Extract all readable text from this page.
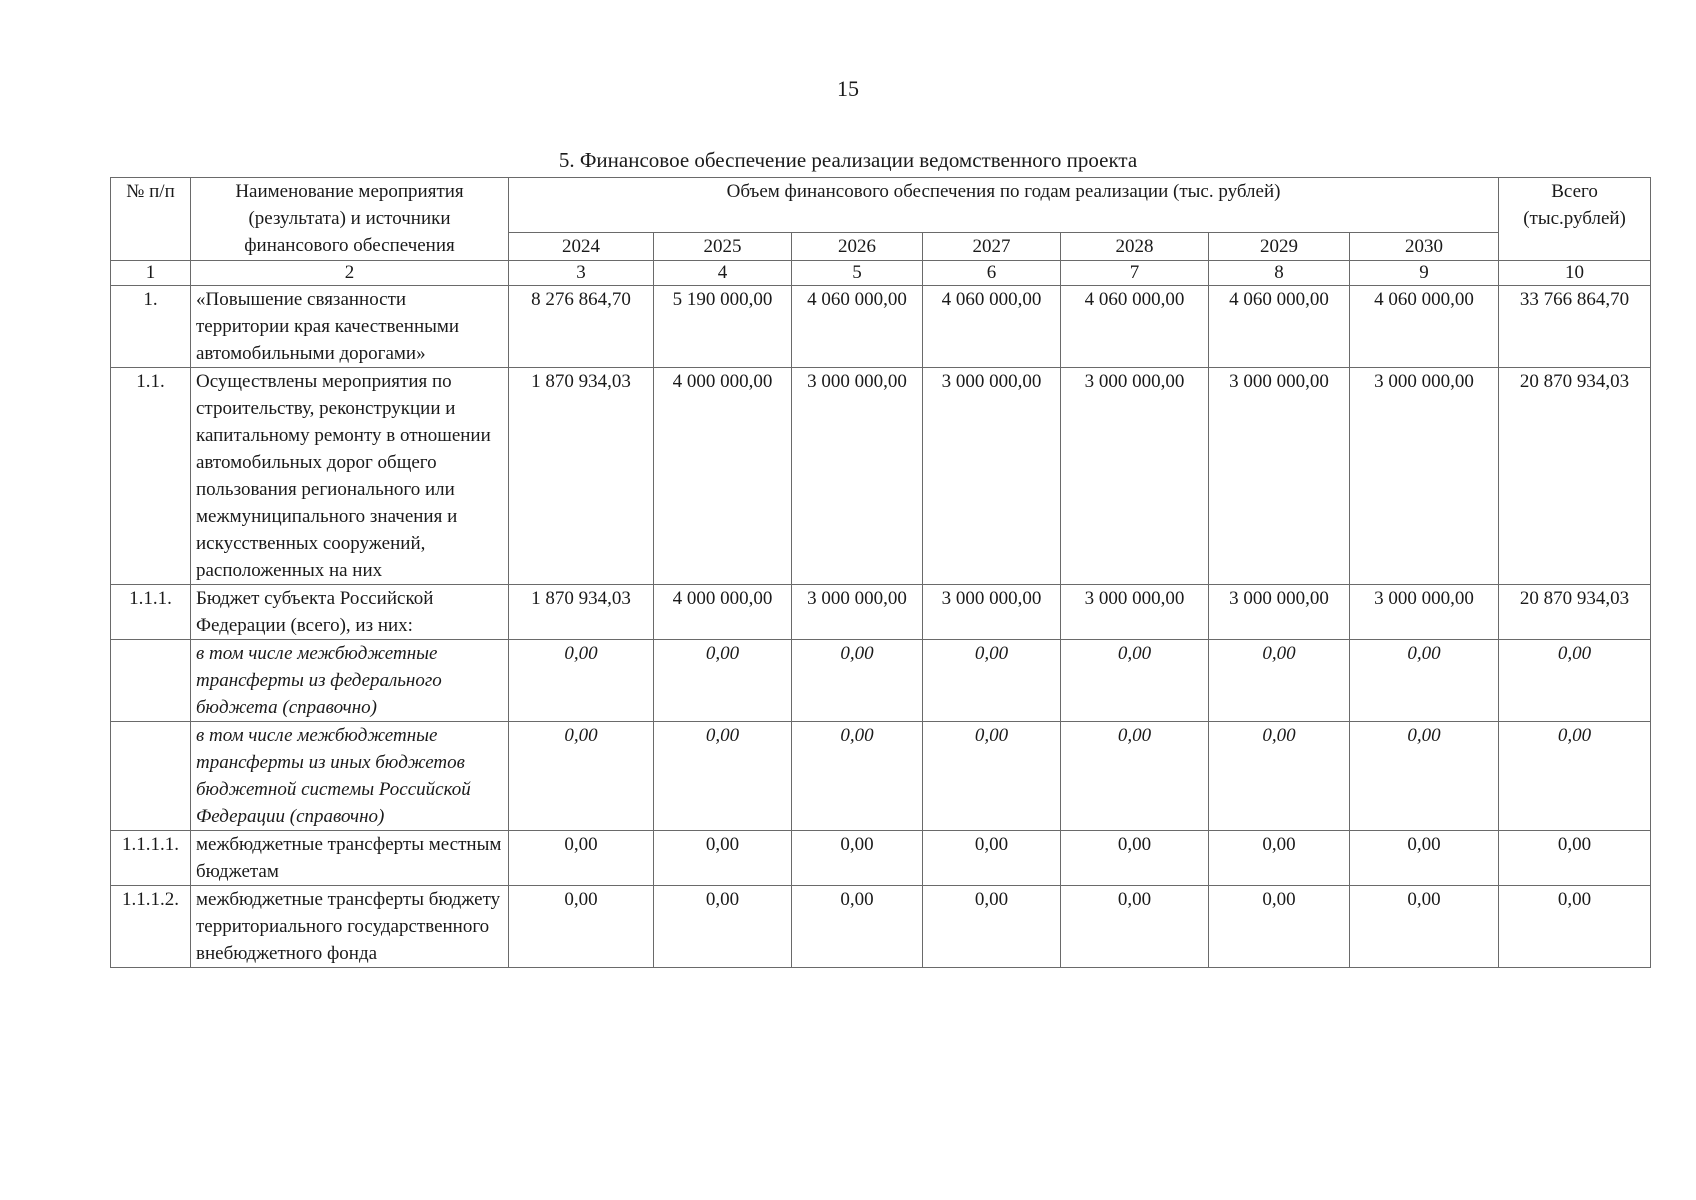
15
5. Финансовое обеспечение реализации ведомственного проекта
№ п/п	Наименование мероприятия (результата) и источники финансового обеспечения	Объем финансового обеспечения по годам реализации (тыс. рублей)							Всего (тыс.рублей)
		2024	2025	2026	2027	2028	2029	2030	
1	2	3	4	5	6	7	8	9	10
1.	«Повышение связанности территории края качественными автомобильными дорогами»	8 276 864,70	5 190 000,00	4 060 000,00	4 060 000,00	4 060 000,00	4 060 000,00	4 060 000,00	33 766 864,70
1.1.	Осуществлены мероприятия по строительству, реконструкции и капитальному ремонту в отношении автомобильных дорог общего пользования регионального или межмуниципального значения и искусственных сооружений, расположенных на них	1 870 934,03	4 000 000,00	3 000 000,00	3 000 000,00	3 000 000,00	3 000 000,00	3 000 000,00	20 870 934,03
1.1.1.	Бюджет субъекта Российской Федерации (всего), из них:	1 870 934,03	4 000 000,00	3 000 000,00	3 000 000,00	3 000 000,00	3 000 000,00	3 000 000,00	20 870 934,03
	в том числе межбюджетные трансферты из федерального бюджета (справочно)	0,00	0,00	0,00	0,00	0,00	0,00	0,00	0,00
	в том числе межбюджетные трансферты из иных бюджетов бюджетной системы Российской Федерации (справочно)	0,00	0,00	0,00	0,00	0,00	0,00	0,00	0,00
1.1.1.1.	межбюджетные трансферты местным бюджетам	0,00	0,00	0,00	0,00	0,00	0,00	0,00	0,00
1.1.1.2.	межбюджетные трансферты бюджету территориального государственного внебюджетного фонда	0,00	0,00	0,00	0,00	0,00	0,00	0,00	0,00
